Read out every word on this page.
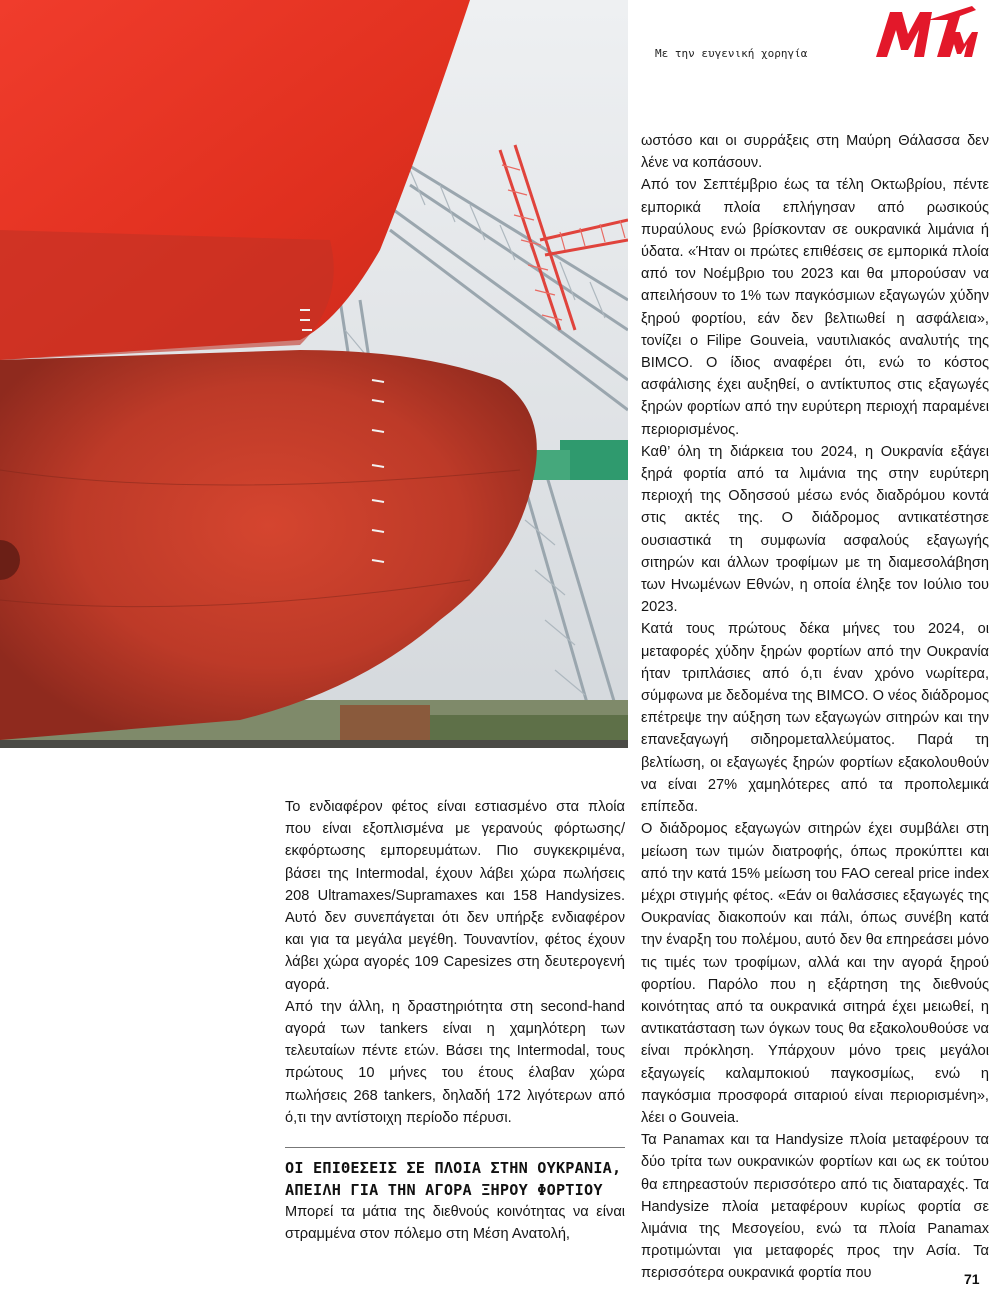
Με την ευγενική χορηγία

Το ενδιαφέρον φέτος είναι εστιασμένο στα πλοία που είναι εξοπλισμένα με γερανούς φόρτωσης/εκφόρτωσης εμπορευμάτων. Πιο συγκεκριμένα, βάσει της Intermodal, έχουν λάβει χώρα πωλήσεις 208 Ultramaxes/Supramaxes και 158 Handysizes. Αυτό δεν συνεπάγεται ότι δεν υπήρξε ενδιαφέρον και για τα μεγάλα μεγέθη. Τουναντίον, φέτος έχουν λάβει χώρα αγορές 109 Capesizes στη δευτερογενή αγορά.

Από την άλλη, η δραστηριότητα στη second-hand αγορά των tankers είναι η χαμηλότερη των τελευταίων πέντε ετών. Βάσει της Intermodal, τους πρώτους 10 μήνες του έτους έλαβαν χώρα πωλήσεις 268 tankers, δηλαδή 172 λιγότερων από ό,τι την αντίστοιχη περίοδο πέρυσι.

ΟΙ ΕΠΙΘΕΣΕΙΣ ΣΕ ΠΛΟΙΑ ΣΤΗΝ ΟΥΚΡΑΝΙΑ, ΑΠΕΙΛΗ ΓΙΑ ΤΗΝ ΑΓΟΡΑ ΞΗΡΟΥ ΦΟΡΤΙΟΥ

Μπορεί τα μάτια της διεθνούς κοινότητας να είναι στραμμένα στον πόλεμο στη Μέση Ανατολή,

ωστόσο και οι συρράξεις στη Μαύρη Θάλασσα δεν λένε να κοπάσουν.

Από τον Σεπτέμβριο έως τα τέλη Οκτωβρίου, πέντε εμπορικά πλοία επλήγησαν από ρωσικούς πυραύλους ενώ βρίσκονταν σε ουκρανικά λιμάνια ή ύδατα. «Ήταν οι πρώτες επιθέσεις σε εμπορικά πλοία από τον Νοέμβριο του 2023 και θα μπορούσαν να απειλήσουν το 1% των παγκόσμιων εξαγωγών χύδην ξηρού φορτίου, εάν δεν βελτιωθεί η ασφάλεια», τονίζει ο Filipe Gouveia, ναυτιλιακός αναλυτής της BIMCO. Ο ίδιος αναφέρει ότι, ενώ το κόστος ασφάλισης έχει αυξηθεί, ο αντίκτυπος στις εξαγωγές ξηρών φορτίων από την ευρύτερη περιοχή παραμένει περιορισμένος.

Καθ’ όλη τη διάρκεια του 2024, η Ουκρανία εξάγει ξηρά φορτία από τα λιμάνια της στην ευρύτερη περιοχή της Οδησσού μέσω ενός διαδρόμου κοντά στις ακτές της. Ο διάδρομος αντικατέστησε ουσιαστικά τη συμφωνία ασφαλούς εξαγωγής σιτηρών και άλλων τροφίμων με τη διαμεσολάβηση των Ηνωμένων Εθνών, η οποία έληξε τον Ιούλιο του 2023.

Κατά τους πρώτους δέκα μήνες του 2024, οι μεταφορές χύδην ξηρών φορτίων από την Ουκρανία ήταν τριπλάσιες από ό,τι έναν χρόνο νωρίτερα, σύμφωνα με δεδομένα της BIMCO. Ο νέος διάδρομος επέτρεψε την αύξηση των εξαγωγών σιτηρών και την επανεξαγωγή σιδηρομεταλλεύματος. Παρά τη βελτίωση, οι εξαγωγές ξηρών φορτίων εξακολουθούν να είναι 27% χαμηλότερες από τα προπολεμικά επίπεδα.

Ο διάδρομος εξαγωγών σιτηρών έχει συμβάλει στη μείωση των τιμών διατροφής, όπως προκύπτει και από την κατά 15% μείωση του FAO cereal price index μέχρι στιγμής φέτος. «Εάν οι θαλάσσιες εξαγωγές της Ουκρανίας διακοπούν και πάλι, όπως συνέβη κατά την έναρξη του πολέμου, αυτό δεν θα επηρεάσει μόνο τις τιμές των τροφίμων, αλλά και την αγορά ξηρού φορτίου. Παρόλο που η εξάρτηση της διεθνούς κοινότητας από τα ουκρανικά σιτηρά έχει μειωθεί, η αντικατάσταση των όγκων τους θα εξακολουθούσε να είναι πρόκληση. Υπάρχουν μόνο τρεις μεγάλοι εξαγωγείς καλαμποκιού παγκοσμίως, ενώ η παγκόσμια προσφορά σιταριού είναι περιορισμένη», λέει ο Gouveia.

Τα Panamax και τα Handysize πλοία μεταφέρουν τα δύο τρίτα των ουκρανικών φορτίων και ως εκ τούτου θα επηρεαστούν περισσότερο από τις διαταραχές. Τα Handysize πλοία μεταφέρουν κυρίως φορτία σε λιμάνια της Μεσογείου, ενώ τα πλοία Panamax προτιμώνται για μεταφορές προς την Ασία. Τα περισσότερα ουκρανικά φορτία που	71
